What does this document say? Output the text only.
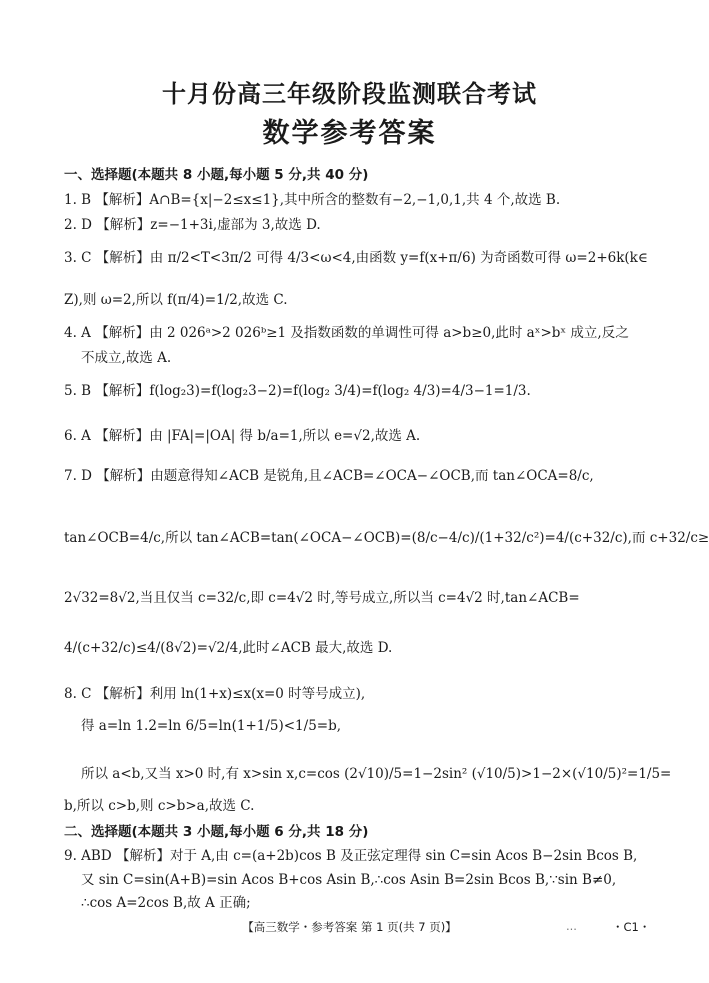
十月份高三年级阶段监测联合考试
数学参考答案
一、选择题(本题共 8 小题,每小题 5 分,共 40 分)
1. B 【解析】A∩B={x|−2≤x≤1},其中所含的整数有−2,−1,0,1,共 4 个,故选 B.
2. D 【解析】z=−1+3i,虚部为 3,故选 D.
3. C 【解析】由 π/2<T<3π/2 可得 4/3<ω<4,由函数 y=f(x+π/6) 为奇函数可得 ω=2+6k(k∈
Z),则 ω=2,所以 f(π/4)=1/2,故选 C.
4. A 【解析】由 2 026ᵃ>2 026ᵇ≥1 及指数函数的单调性可得 a>b≥0,此时 aˣ>bˣ 成立,反之
不成立,故选 A.
5. B 【解析】f(log₂3)=f(log₂3−2)=f(log₂ 3/4)=f(log₂ 4/3)=4/3−1=1/3.
6. A 【解析】由 |FA|=|OA| 得 b/a=1,所以 e=√2,故选 A.
7. D 【解析】由题意得知∠ACB 是锐角,且∠ACB=∠OCA−∠OCB,而 tan∠OCA=8/c,
tan∠OCB=4/c,所以 tan∠ACB=tan(∠OCA−∠OCB)=(8/c−4/c)/(1+32/c²)=4/(c+32/c),而 c+32/c≥
2√32=8√2,当且仅当 c=32/c,即 c=4√2 时,等号成立,所以当 c=4√2 时,tan∠ACB=
4/(c+32/c)≤4/(8√2)=√2/4,此时∠ACB 最大,故选 D.
8. C 【解析】利用 ln(1+x)≤x(x=0 时等号成立),
得 a=ln 1.2=ln 6/5=ln(1+1/5)<1/5=b,
所以 a<b,又当 x>0 时,有 x>sin x,c=cos (2√10)/5=1−2sin² (√10/5)>1−2×(√10/5)²=1/5=
b,所以 c>b,则 c>b>a,故选 C.
二、选择题(本题共 3 小题,每小题 6 分,共 18 分)
9. ABD 【解析】对于 A,由 c=(a+2b)cos B 及正弦定理得 sin C=sin Acos B−2sin Bcos B,
又 sin C=sin(A+B)=sin Acos B+cos Asin B,∴cos Asin B=2sin Bcos B,∵sin B≠0,
∴cos A=2cos B,故 A 正确;
【高三数学・参考答案 第 1 页(共 7 页)】	...	・C1・
